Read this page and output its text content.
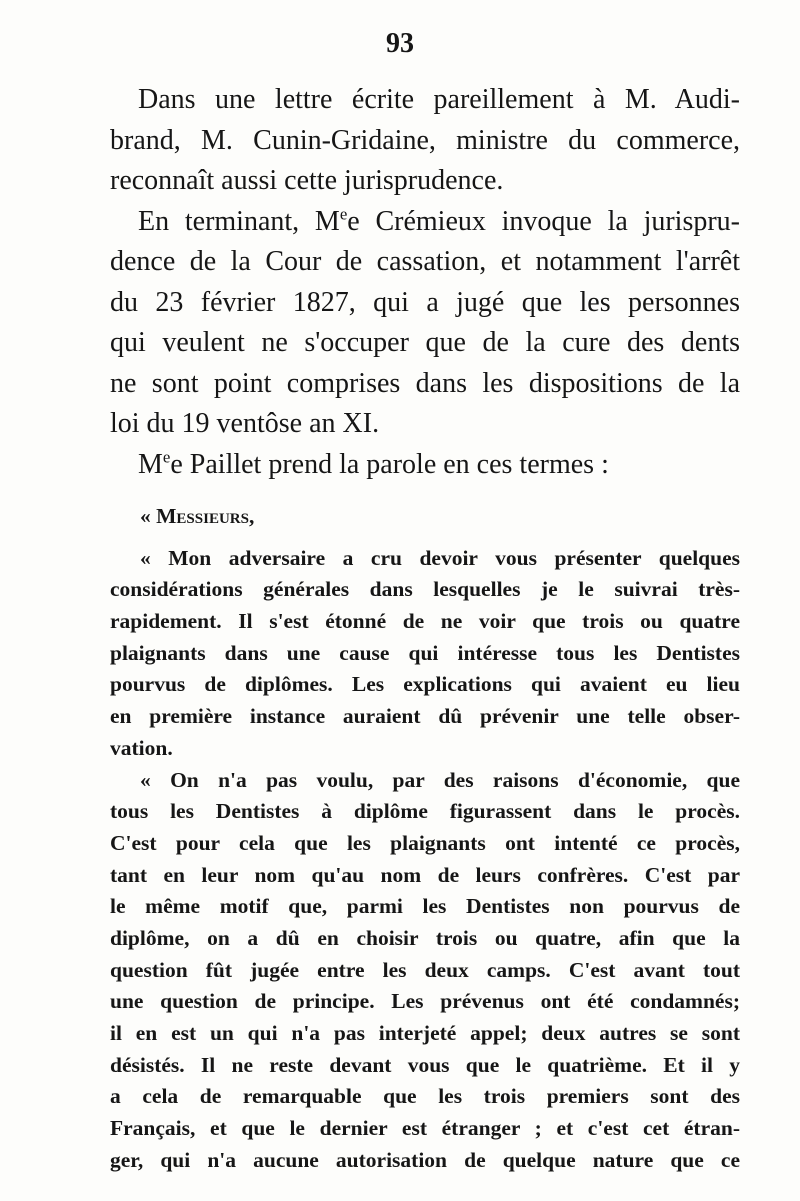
93
Dans une lettre écrite pareillement à M. Audi-
brand, M. Cunin-Gridaine, ministre du commerce,
reconnaît aussi cette jurisprudence.
En terminant, Mee Crémieux invoque la jurispru-
dence de la Cour de cassation, et notamment l'arrêt
du 23 février 1827, qui a jugé que les personnes
qui veulent ne s'occuper que de la cure des dents
ne sont point comprises dans les dispositions de la
loi du 19 ventôse an XI.
Mee Paillet prend la parole en ces termes :
« Messieurs,
« Mon adversaire a cru devoir vous présenter quelques
considérations générales dans lesquelles je le suivrai très-
rapidement. Il s'est étonné de ne voir que trois ou quatre
plaignants dans une cause qui intéresse tous les Dentistes
pourvus de diplômes. Les explications qui avaient eu lieu
en première instance auraient dû prévenir une telle obser-
vation.
« On n'a pas voulu, par des raisons d'économie, que
tous les Dentistes à diplôme figurassent dans le procès.
C'est pour cela que les plaignants ont intenté ce procès,
tant en leur nom qu'au nom de leurs confrères. C'est par
le même motif que, parmi les Dentistes non pourvus de
diplôme, on a dû en choisir trois ou quatre, afin que la
question fût jugée entre les deux camps. C'est avant tout
une question de principe. Les prévenus ont été condamnés;
il en est un qui n'a pas interjeté appel; deux autres se sont
désistés. Il ne reste devant vous que le quatrième. Et il y
a cela de remarquable que les trois premiers sont des
Français, et que le dernier est étranger ; et c'est cet étran-
ger, qui n'a aucune autorisation de quelque nature que ce
